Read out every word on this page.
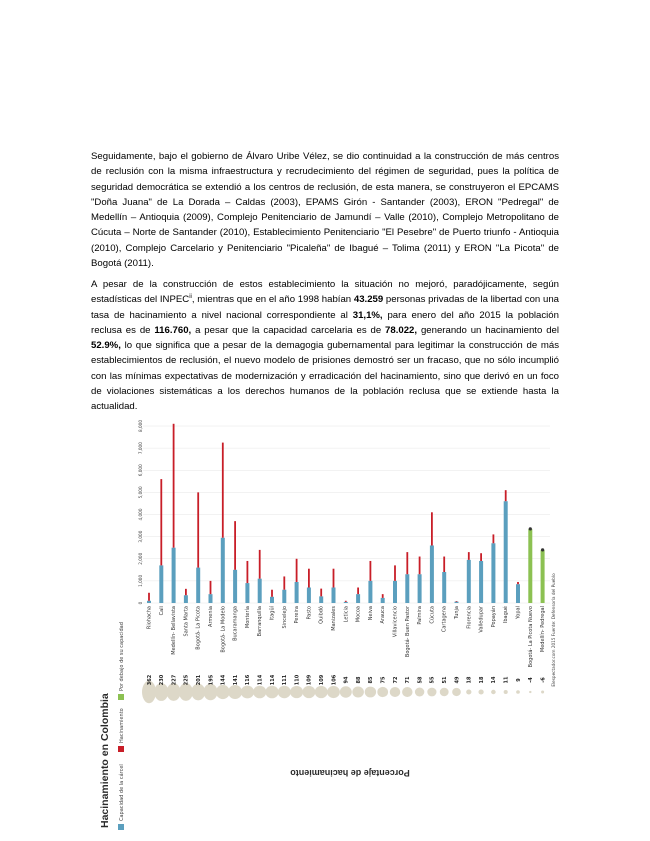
Seguidamente, bajo el gobierno de Álvaro Uribe Vélez, se dio continuidad a la construcción de más centros de reclusión con la misma infraestructura y recrudecimiento del régimen de seguridad, pues la política de seguridad democrática se extendió a los centros de reclusión, de esta manera, se construyeron el EPCAMS "Doña Juana" de La Dorada – Caldas (2003), EPAMS Girón - Santander (2003), ERON "Pedregal" de Medellín – Antioquia (2009), Complejo Penitenciario de Jamundí – Valle (2010), Complejo Metropolitano de Cúcuta – Norte de Santander (2010), Establecimiento Penitenciario "El Pesebre" de Puerto triunfo - Antioquia (2010), Complejo Carcelario y Penitenciario "Picaleña" de Ibagué – Tolima (2011) y ERON "La Picota" de Bogotá (2011).

A pesar de la construcción de estos establecimiento la situación no mejoró, paradójicamente, según estadísticas del INPEC$^{ii}$, mientras que en el año 1998 habían 43.259 personas privadas de la libertad con una tasa de hacinamiento a nivel nacional correspondiente al 31,1%, para enero del año 2015 la población reclusa es de 116.760, a pesar que la capacidad carcelaria es de 78.022, generando un hacinamiento del 52.9%, lo que significa que a pesar de la demagogia gubernamental para legitimar la construcción de más establecimientos de reclusión, el nuevo modelo de prisiones demostró ser un fracaso, que no sólo incumplió con las mínimas expectativas de modernización y erradicación del hacinamiento, sino que derivó en un foco de violaciones sistemáticas a los derechos humanos de la población reclusa que se extiende hasta la actualidad.

0
1,000
2,000
3,000
4,000
5,000
6,000
7,000
8,000
Riohacha Cali Medellín- Bellavista Santa Marta Bogotá- La Picota Armenia Bogotá- La Modelo Bucaramanga Montería Barranquilla Itagüí Sincelejo Pereira Pasto Quibdó Manizales Leticia Mocoa Neiva Arauca Villavicencio Bogotá- Buen Pastor Palmira Cúcuta Cartagena Tunja Florencia Valledupar Popayán Ibagué Yopal Bogotá- La Picota Nuevo Medellín- Pedregal
362 230 227 225 201 195 144 141 116 114 114 111 110 109 109 106 94 88 85 75 72 71 58 55 51 49 18 18 14 11 9 -4 -6
Hacinamiento en Colombia Capacidad de la cárcel
Hacinamiento
Por debajo de su capacidad
Porcentaje de hacinamiento
Elespectador.com 2015 Fuente: Defensoría del Pueblo
